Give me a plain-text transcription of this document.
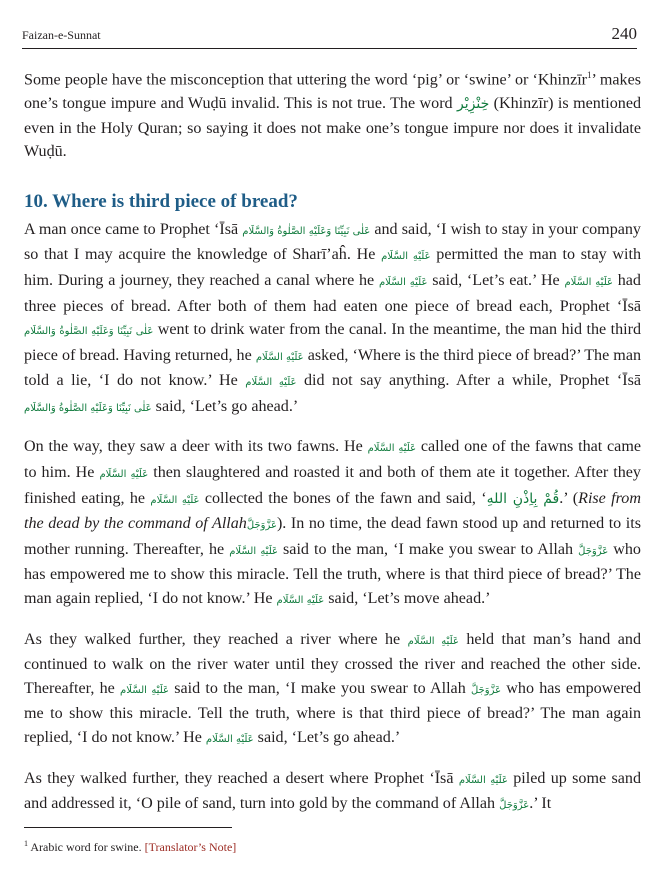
Faizan-e-Sunnat	240

Some people have the misconception that uttering the word ‘pig’ or ‘swine’ or ‘Khinzīr$^1$’ makes one’s tongue impure and Wuḍū invalid. This is not true. The word خِنْزِيْر (Khinzīr) is mentioned even in the Holy Quran; so saying it does not make one’s tongue impure nor does it invalidate Wuḍū.

10. Where is third piece of bread?

A man once came to Prophet ‘Īsā عَلٰى نَبِيِّنَا وَعَلَيْهِ الصَّلٰوةُ وَالسَّلَام and said, ‘I wish to stay in your company so that I may acquire the knowledge of Sharī’aĥ. He عَلَيْهِ السَّلَام permitted the man to stay with him. During a journey, they reached a canal where he عَلَيْهِ السَّلَام said, ‘Let’s eat.’ He عَلَيْهِ السَّلَام had three pieces of bread. After both of them had eaten one piece of bread each, Prophet ‘Īsā عَلٰى نَبِيِّنَا وَعَلَيْهِ الصَّلٰوةُ وَالسَّلَام went to drink water from the canal. In the meantime, the man hid the third piece of bread. Having returned, he عَلَيْهِ السَّلَام asked, ‘Where is the third piece of bread?’ The man told a lie, ‘I do not know.’ He عَلَيْهِ السَّلَام did not say anything. After a while, Prophet ‘Īsā عَلٰى نَبِيِّنَا وَعَلَيْهِ الصَّلٰوةُ وَالسَّلَام said, ‘Let’s go ahead.’

On the way, they saw a deer with its two fawns. He عَلَيْهِ السَّلَام called one of the fawns that came to him. He عَلَيْهِ السَّلَام then slaughtered and roasted it and both of them ate it together. After they finished eating, he عَلَيْهِ السَّلَام collected the bones of the fawn and said, ‘قُمْ بِاِذْنِ اللهِ.’ (Rise from the dead by the command of Allahعَزَّوَجَلَّ). In no time, the dead fawn stood up and returned to its mother running. Thereafter, he عَلَيْهِ السَّلَام said to the man, ‘I make you swear to Allah عَزَّوَجَلَّ who has empowered me to show this miracle. Tell the truth, where is that third piece of bread?’ The man again replied, ‘I do not know.’ He عَلَيْهِ السَّلَام said, ‘Let’s move ahead.’

As they walked further, they reached a river where he عَلَيْهِ السَّلَام held that man’s hand and continued to walk on the river water until they crossed the river and reached the other side. Thereafter, he عَلَيْهِ السَّلَام said to the man, ‘I make you swear to Allah عَزَّوَجَلَّ who has empowered me to show this miracle. Tell the truth, where is that third piece of bread?’ The man again replied, ‘I do not know.’ He عَلَيْهِ السَّلَام said, ‘Let’s go ahead.’

As they walked further, they reached a desert where Prophet ‘Īsā عَلَيْهِ السَّلَام piled up some sand and addressed it, ‘O pile of sand, turn into gold by the command of Allah عَزَّوَجَلَّ.’ It

$^1$ Arabic word for swine. [Translator’s Note]
